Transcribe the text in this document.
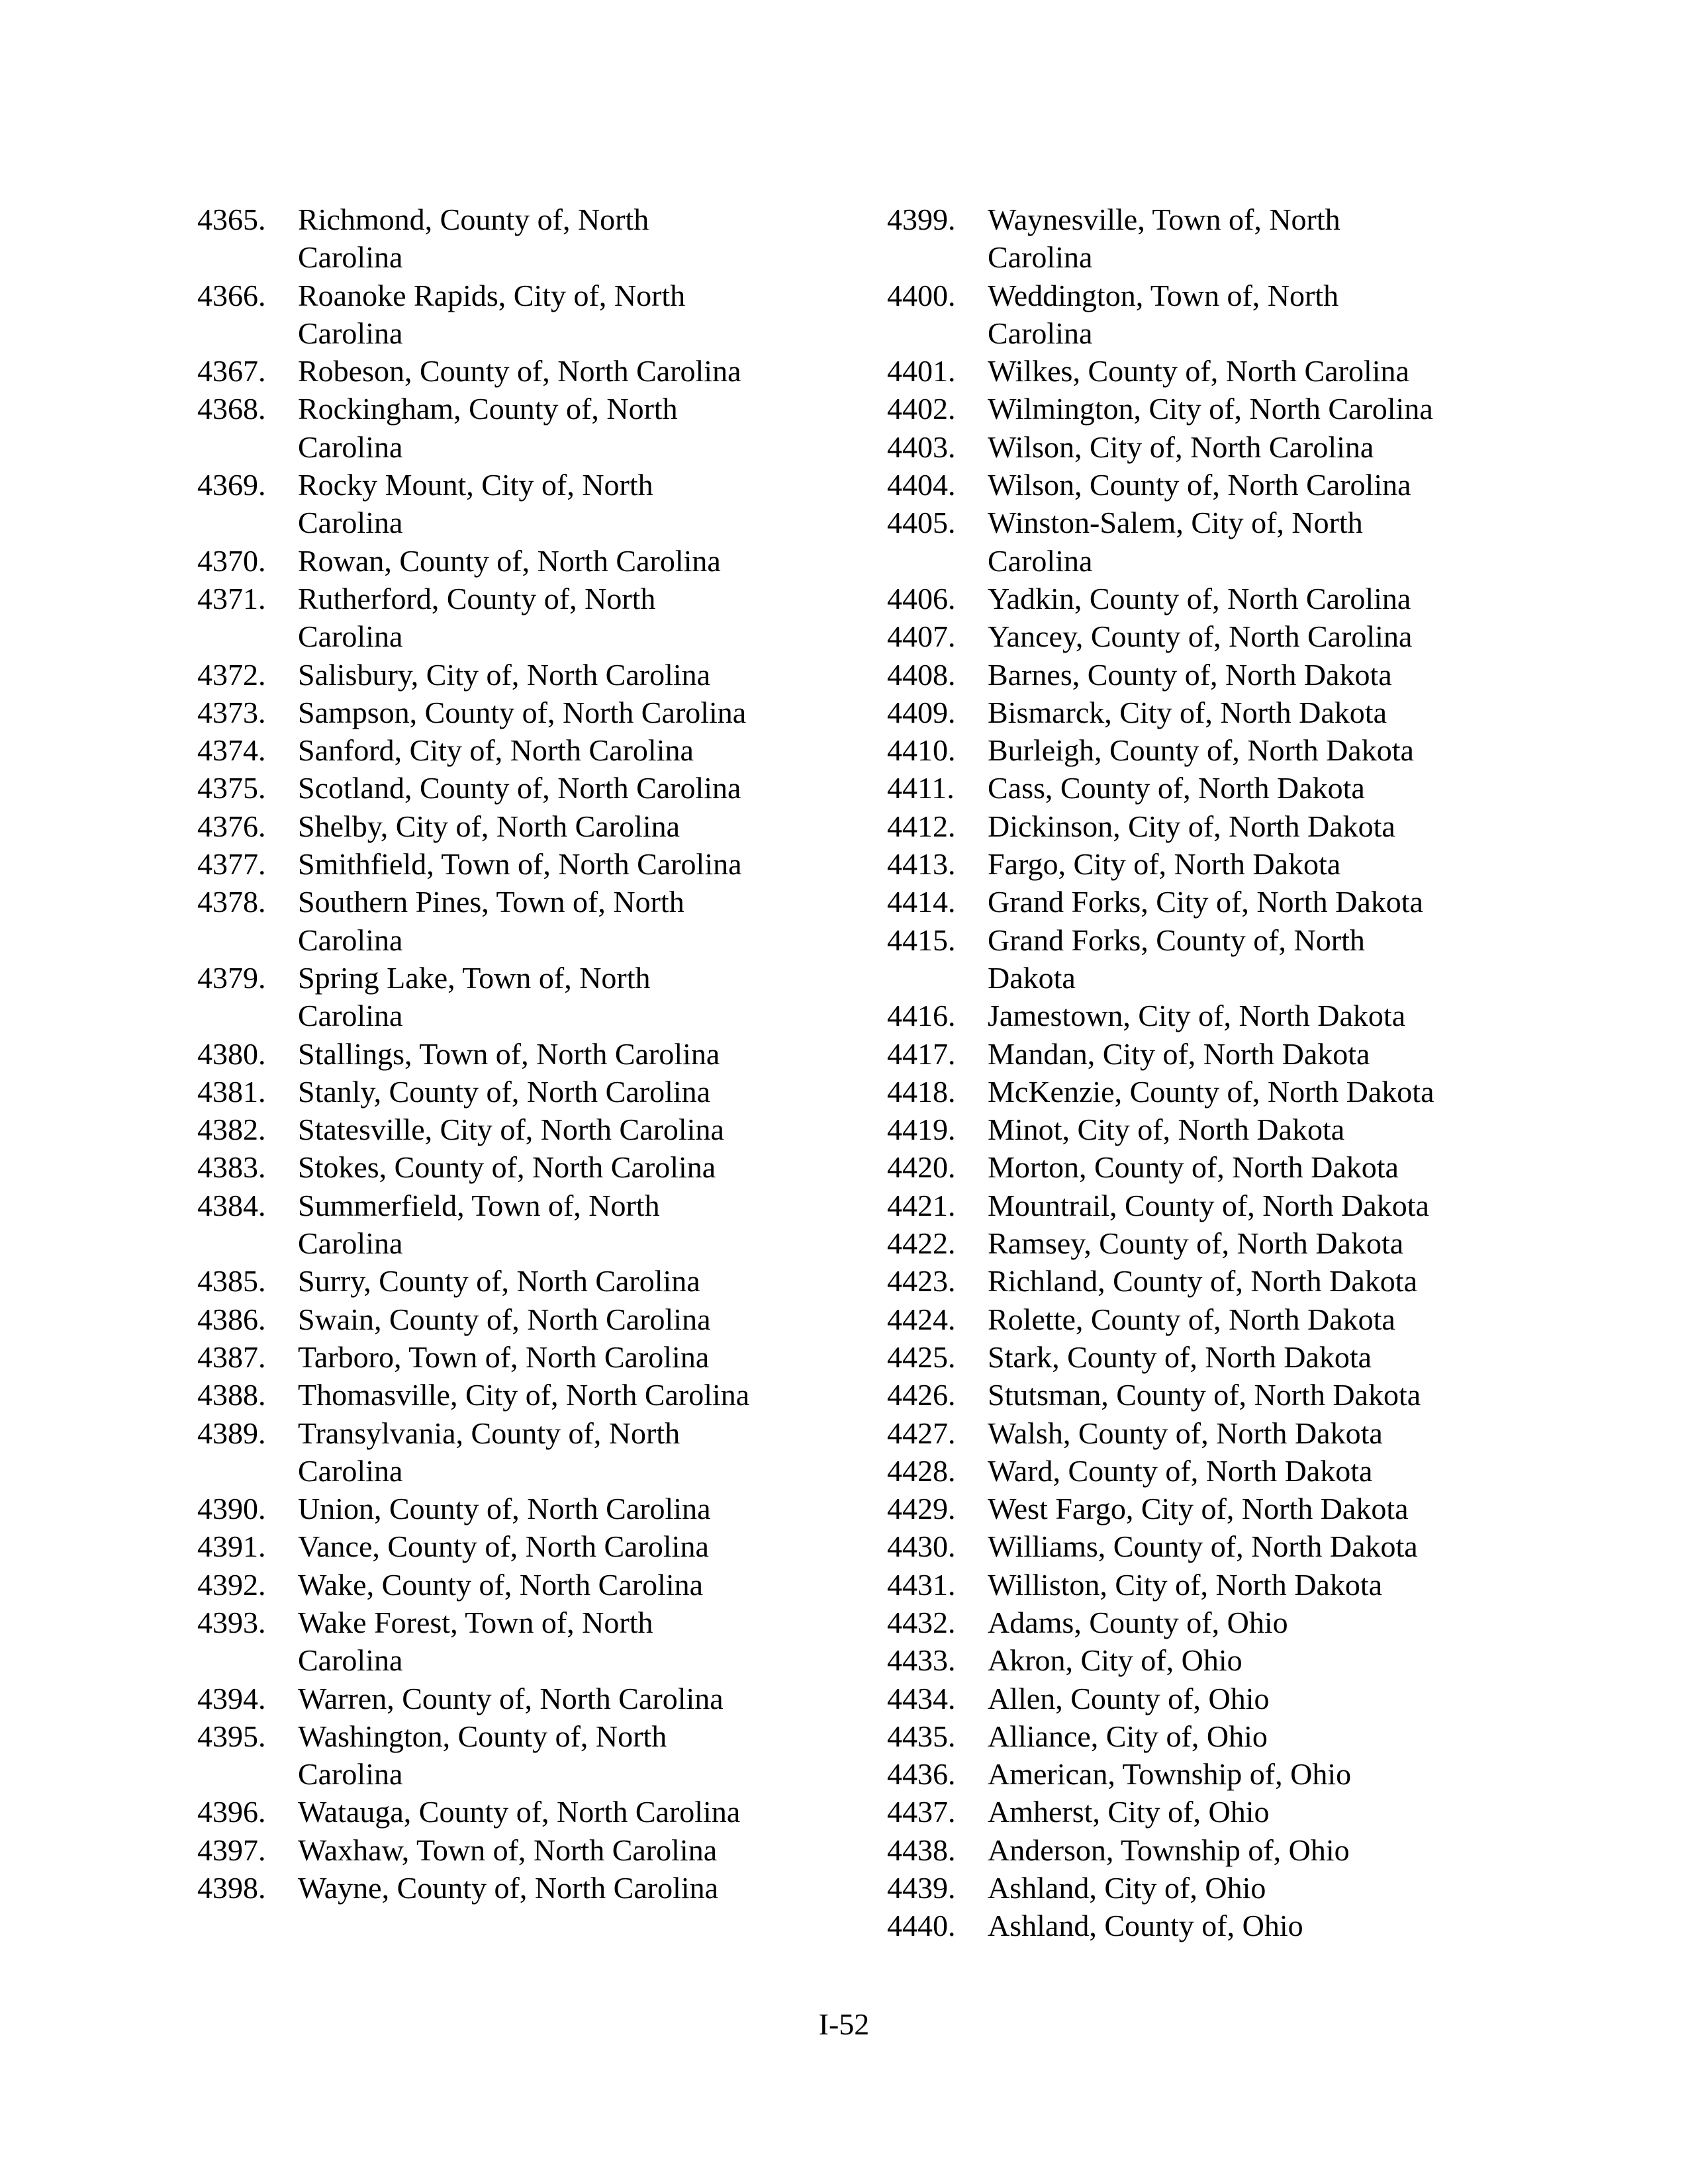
4365.	Richmond, County of, North
Carolina
4366.	Roanoke Rapids, City of, North
Carolina
4367.	Robeson, County of, North Carolina
4368.	Rockingham, County of, North
Carolina
4369.	Rocky Mount, City of, North
Carolina
4370.	Rowan, County of, North Carolina
4371.	Rutherford, County of, North
Carolina
4372.	Salisbury, City of, North Carolina
4373.	Sampson, County of, North Carolina
4374.	Sanford, City of, North Carolina
4375.	Scotland, County of, North Carolina
4376.	Shelby, City of, North Carolina
4377.	Smithfield, Town of, North Carolina
4378.	Southern Pines, Town of, North
Carolina
4379.	Spring Lake, Town of, North
Carolina
4380.	Stallings, Town of, North Carolina
4381.	Stanly, County of, North Carolina
4382.	Statesville, City of, North Carolina
4383.	Stokes, County of, North Carolina
4384.	Summerfield, Town of, North
Carolina
4385.	Surry, County of, North Carolina
4386.	Swain, County of, North Carolina
4387.	Tarboro, Town of, North Carolina
4388.	Thomasville, City of, North Carolina
4389.	Transylvania, County of, North
Carolina
4390.	Union, County of, North Carolina
4391.	Vance, County of, North Carolina
4392.	Wake, County of, North Carolina
4393.	Wake Forest, Town of, North
Carolina
4394.	Warren, County of, North Carolina
4395.	Washington, County of, North
Carolina
4396.	Watauga, County of, North Carolina
4397.	Waxhaw, Town of, North Carolina
4398.	Wayne, County of, North Carolina
4399.	Waynesville, Town of, North
Carolina
4400.	Weddington, Town of, North
Carolina
4401.	Wilkes, County of, North Carolina
4402.	Wilmington, City of, North Carolina
4403.	Wilson, City of, North Carolina
4404.	Wilson, County of, North Carolina
4405.	Winston-Salem, City of, North
Carolina
4406.	Yadkin, County of, North Carolina
4407.	Yancey, County of, North Carolina
4408.	Barnes, County of, North Dakota
4409.	Bismarck, City of, North Dakota
4410.	Burleigh, County of, North Dakota
4411.	Cass, County of, North Dakota
4412.	Dickinson, City of, North Dakota
4413.	Fargo, City of, North Dakota
4414.	Grand Forks, City of, North Dakota
4415.	Grand Forks, County of, North
Dakota
4416.	Jamestown, City of, North Dakota
4417.	Mandan, City of, North Dakota
4418.	McKenzie, County of, North Dakota
4419.	Minot, City of, North Dakota
4420.	Morton, County of, North Dakota
4421.	Mountrail, County of, North Dakota
4422.	Ramsey, County of, North Dakota
4423.	Richland, County of, North Dakota
4424.	Rolette, County of, North Dakota
4425.	Stark, County of, North Dakota
4426.	Stutsman, County of, North Dakota
4427.	Walsh, County of, North Dakota
4428.	Ward, County of, North Dakota
4429.	West Fargo, City of, North Dakota
4430.	Williams, County of, North Dakota
4431.	Williston, City of, North Dakota
4432.	Adams, County of, Ohio
4433.	Akron, City of, Ohio
4434.	Allen, County of, Ohio
4435.	Alliance, City of, Ohio
4436.	American, Township of, Ohio
4437.	Amherst, City of, Ohio
4438.	Anderson, Township of, Ohio
4439.	Ashland, City of, Ohio
4440.	Ashland, County of, Ohio
I-52
